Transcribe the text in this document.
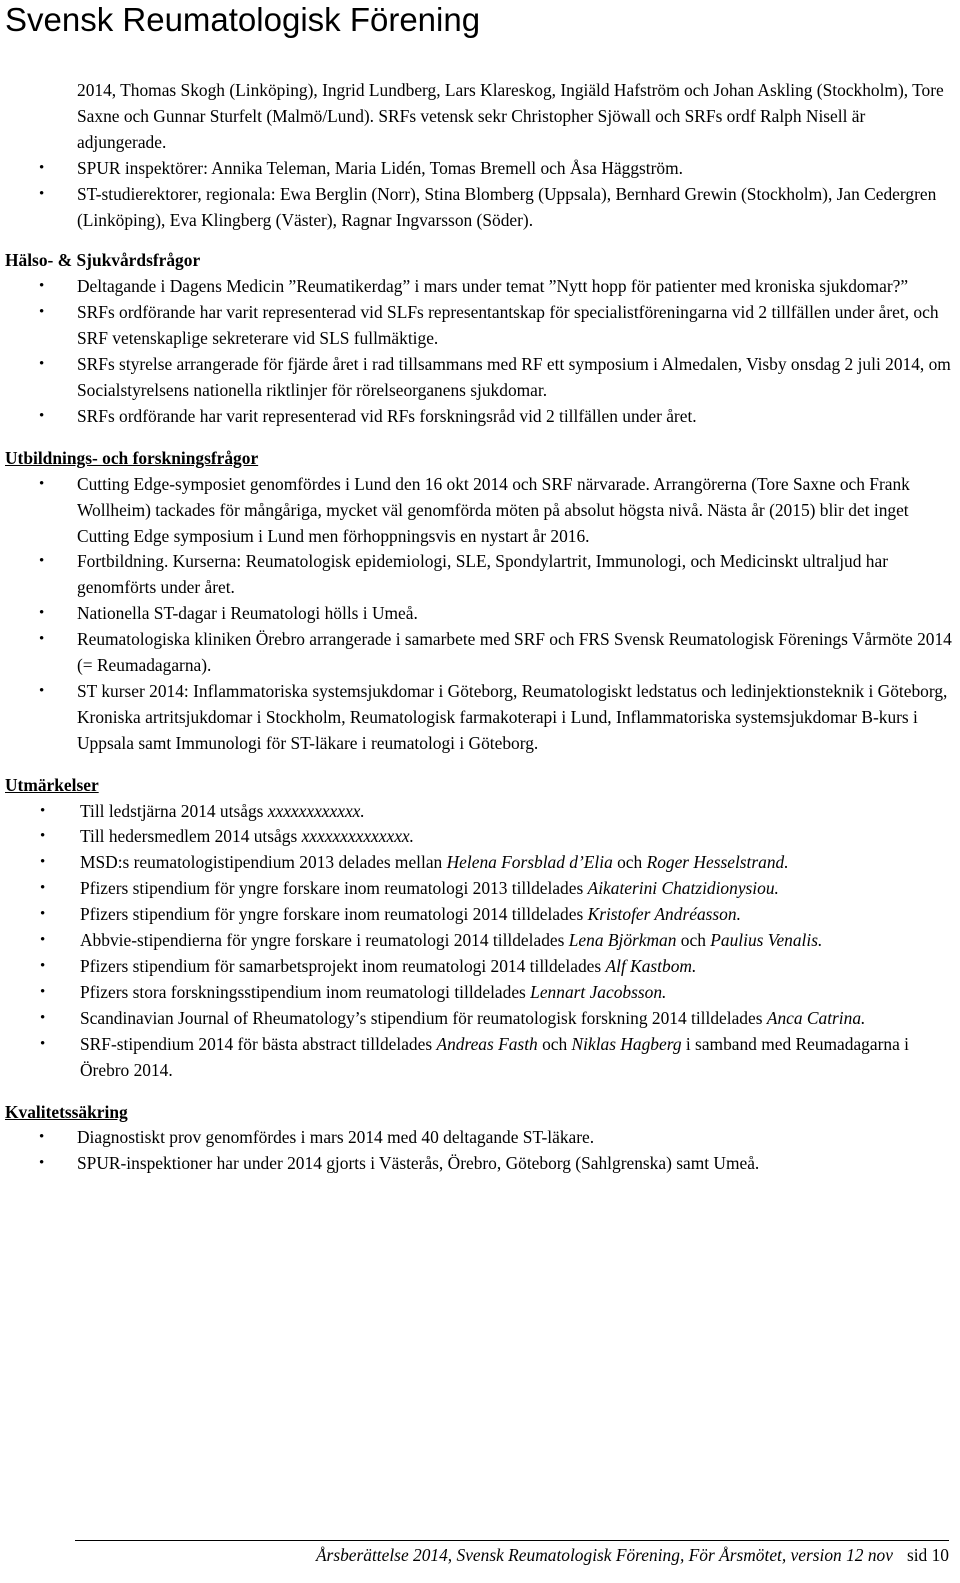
Svensk Reumatologisk Förening

2014, Thomas Skogh (Linköping), Ingrid Lundberg, Lars Klareskog, Ingiäld Hafström och Johan Askling (Stockholm), Tore Saxne och Gunnar Sturfelt (Malmö/Lund). SRFs vetensk sekr Christopher Sjöwall och SRFs ordf Ralph Nisell är adjungerade.

• SPUR inspektörer: Annika Teleman, Maria Lidén, Tomas Bremell och Åsa Häggström.
• ST-studierektorer, regionala: Ewa Berglin (Norr), Stina Blomberg (Uppsala), Bernhard Grewin (Stockholm), Jan Cedergren (Linköping), Eva Klingberg (Väster), Ragnar Ingvarsson (Söder).
Hälso- & Sjukvårdsfrågor
• Deltagande i Dagens Medicin ”Reumatikerdag” i mars under temat ”Nytt hopp för patienter med kroniska sjukdomar?”
• SRFs ordförande har varit representerad vid SLFs representantskap för specialistföreningarna vid 2 tillfällen under året, och SRF vetenskaplige sekreterare vid SLS fullmäktige.
• SRFs styrelse arrangerade för fjärde året i rad tillsammans med RF ett symposium i Almedalen, Visby onsdag 2 juli 2014, om Socialstyrelsens nationella riktlinjer för rörelseorganens sjukdomar.
• SRFs ordförande har varit representerad vid RFs forskningsråd vid 2 tillfällen under året.
Utbildnings- och forskningsfrågor
• Cutting Edge-symposiet genomfördes i Lund den 16 okt 2014 och SRF närvarade. Arrangörerna (Tore Saxne och Frank Wollheim) tackades för mångåriga, mycket väl genomförda möten på absolut högsta nivå. Nästa år (2015) blir det inget Cutting Edge symposium i Lund men förhoppningsvis en nystart år 2016.
• Fortbildning. Kurserna: Reumatologisk epidemiologi, SLE, Spondylartrit, Immunologi, och Medicinskt ultraljud har genomförts under året.
• Nationella ST-dagar i Reumatologi hölls i Umeå.
• Reumatologiska kliniken Örebro arrangerade i samarbete med SRF och FRS Svensk Reumatologisk Förenings Vårmöte 2014 (= Reumadagarna).
• ST kurser 2014: Inflammatoriska systemsjukdomar i Göteborg, Reumatologiskt ledstatus och ledinjektionsteknik i Göteborg, Kroniska artritsjukdomar i Stockholm, Reumatologisk farmakoterapi i Lund, Inflammatoriska systemsjukdomar B-kurs i Uppsala samt Immunologi för ST-läkare i reumatologi i Göteborg.
Utmärkelser
• Till ledstjärna 2014 utsågs xxxxxxxxxxxx.
• Till hedersmedlem 2014 utsågs xxxxxxxxxxxxxx.
• MSD:s reumatologistipendium 2013 delades mellan Helena Forsblad d’Elia och Roger Hesselstrand.
• Pfizers stipendium för yngre forskare inom reumatologi 2013 tilldelades Aikaterini Chatzidionysiou.
• Pfizers stipendium för yngre forskare inom reumatologi 2014 tilldelades Kristofer Andréasson.
• Abbvie-stipendierna för yngre forskare i reumatologi 2014 tilldelades Lena Björkman och Paulius Venalis.
• Pfizers stipendium för samarbetsprojekt inom reumatologi 2014 tilldelades Alf Kastbom.
• Pfizers stora forskningsstipendium inom reumatologi tilldelades Lennart Jacobsson.
• Scandinavian Journal of Rheumatology’s stipendium för reumatologisk forskning 2014 tilldelades Anca Catrina.
• SRF-stipendium 2014 för bästa abstract tilldelades Andreas Fasth och Niklas Hagberg i samband med Reumadagarna i Örebro 2014.
Kvalitetssäkring
• Diagnostiskt prov genomfördes i mars 2014 med 40 deltagande ST-läkare.
• SPUR-inspektioner har under 2014 gjorts i Västerås, Örebro, Göteborg (Sahlgrenska) samt Umeå.
Årsberättelse 2014, Svensk Reumatologisk Förening, För Årsmötet, version 12 nov sid 10
